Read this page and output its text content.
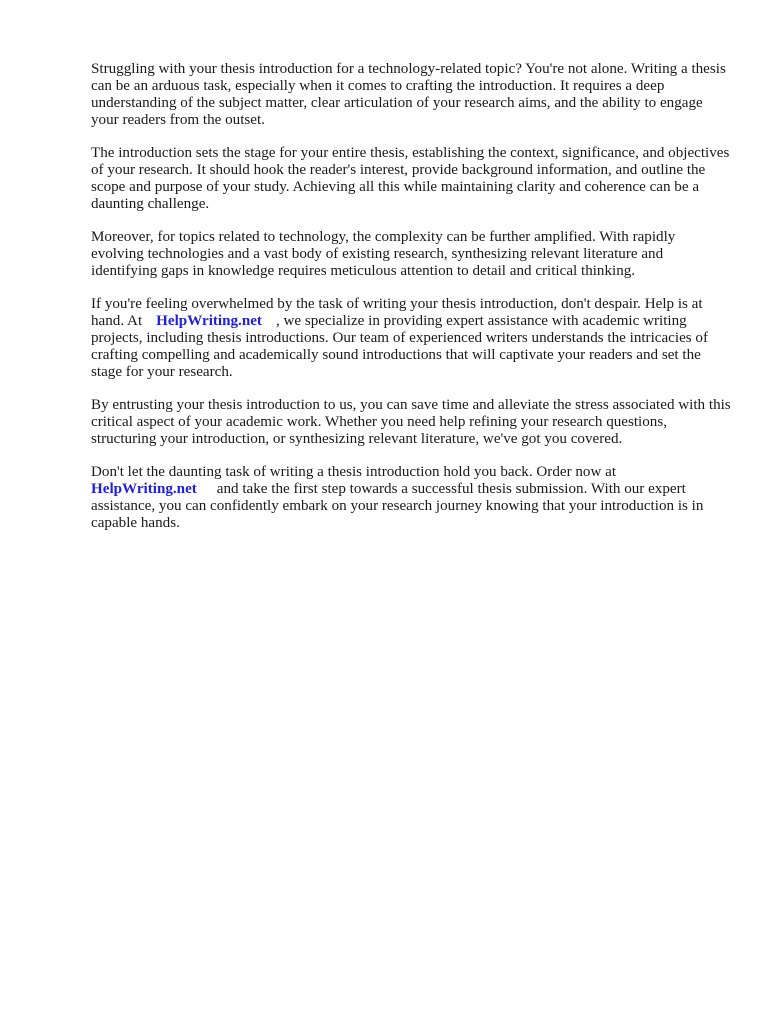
Struggling with your thesis introduction for a technology-related topic? You're not alone. Writing a thesis can be an arduous task, especially when it comes to crafting the introduction. It requires a deep understanding of the subject matter, clear articulation of your research aims, and the ability to engage your readers from the outset.

The introduction sets the stage for your entire thesis, establishing the context, significance, and objectives of your research. It should hook the reader's interest, provide background information, and outline the scope and purpose of your study. Achieving all this while maintaining clarity and coherence can be a daunting challenge.

Moreover, for topics related to technology, the complexity can be further amplified. With rapidly evolving technologies and a vast body of existing research, synthesizing relevant literature and identifying gaps in knowledge requires meticulous attention to detail and critical thinking.

If you're feeling overwhelmed by the task of writing your thesis introduction, don't despair. Help is at hand. At HelpWriting.net , we specialize in providing expert assistance with academic writing projects, including thesis introductions. Our team of experienced writers understands the intricacies of crafting compelling and academically sound introductions that will captivate your readers and set the stage for your research.

By entrusting your thesis introduction to us, you can save time and alleviate the stress associated with this critical aspect of your academic work. Whether you need help refining your research questions, structuring your introduction, or synthesizing relevant literature, we've got you covered.

Don't let the daunting task of writing a thesis introduction hold you back. Order now at
HelpWriting.net and take the first step towards a successful thesis submission. With our expert assistance, you can confidently embark on your research journey knowing that your introduction is in capable hands.
